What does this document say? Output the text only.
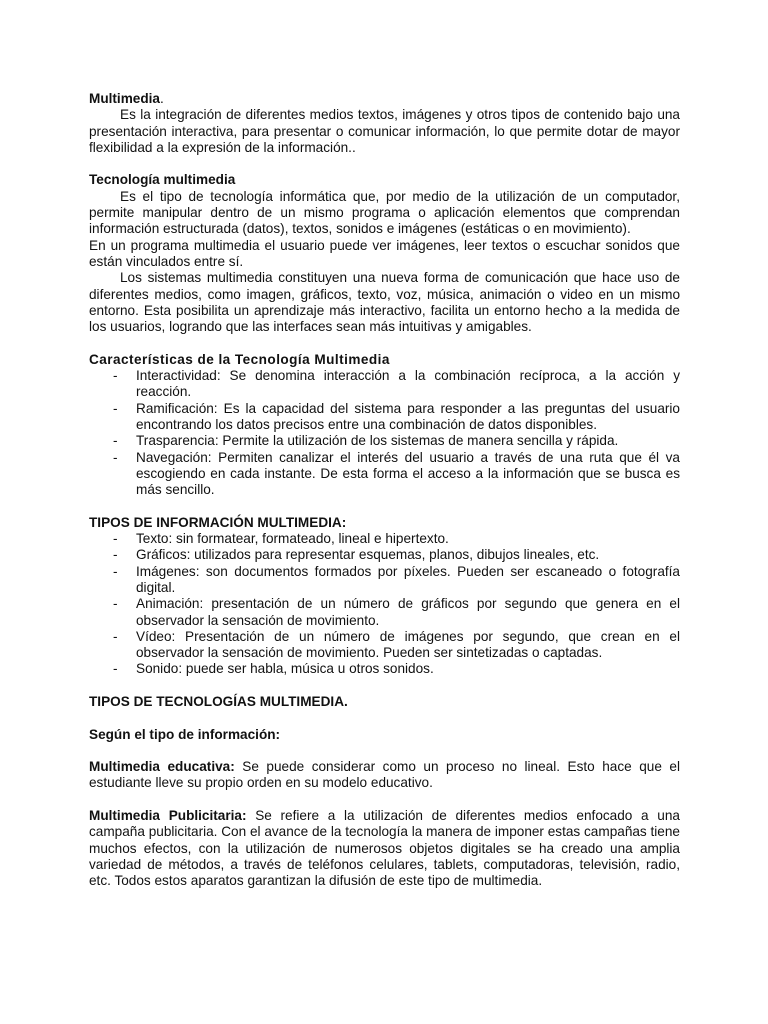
Multimedia.

Es la integración de diferentes medios textos, imágenes y otros tipos de contenido bajo una presentación interactiva, para presentar o comunicar información, lo que permite dotar de mayor flexibilidad a la expresión de la información..

Tecnología multimedia

Es el tipo de tecnología informática que, por medio de la utilización de un computador, permite manipular dentro de un mismo programa o aplicación elementos que comprendan información estructurada (datos), textos, sonidos e imágenes (estáticas o en movimiento).

En un programa multimedia el usuario puede ver imágenes, leer textos o escuchar sonidos que están vinculados entre sí.

Los sistemas multimedia constituyen una nueva forma de comunicación que hace uso de diferentes medios, como imagen, gráficos, texto, voz, música, animación o video en un mismo entorno. Esta posibilita un aprendizaje más interactivo, facilita un entorno hecho a la medida de los usuarios, logrando que las interfaces sean más intuitivas y amigables.

Características de la Tecnología Multimedia

- Interactividad: Se denomina interacción a la combinación recíproca, a la acción y reacción.
- Ramificación: Es la capacidad del sistema para responder a las preguntas del usuario encontrando los datos precisos entre una combinación de datos disponibles.
- Trasparencia: Permite la utilización de los sistemas de manera sencilla y rápida.
- Navegación: Permiten canalizar el interés del usuario a través de una ruta que él va escogiendo en cada instante. De esta forma el acceso a la información que se busca es más sencillo.

TIPOS DE INFORMACIÓN MULTIMEDIA:

- Texto: sin formatear, formateado, lineal e hipertexto.
- Gráficos: utilizados para representar esquemas, planos, dibujos lineales, etc.
- Imágenes: son documentos formados por píxeles. Pueden ser escaneado o fotografía digital.
- Animación: presentación de un número de gráficos por segundo que genera en el observador la sensación de movimiento.
- Vídeo: Presentación de un número de imágenes por segundo, que crean en el observador la sensación de movimiento. Pueden ser sintetizadas o captadas.
- Sonido: puede ser habla, música u otros sonidos.

TIPOS DE TECNOLOGÍAS MULTIMEDIA.

Según el tipo de información:

Multimedia educativa: Se puede considerar como un proceso no lineal. Esto hace que el estudiante lleve su propio orden en su modelo educativo.

Multimedia Publicitaria: Se refiere a la utilización de diferentes medios enfocado a una campaña publicitaria. Con el avance de la tecnología la manera de imponer estas campañas tiene muchos efectos, con la utilización de numerosos objetos digitales se ha creado una amplia variedad de métodos, a través de teléfonos celulares, tablets, computadoras, televisión, radio, etc. Todos estos aparatos garantizan la difusión de este tipo de multimedia.
